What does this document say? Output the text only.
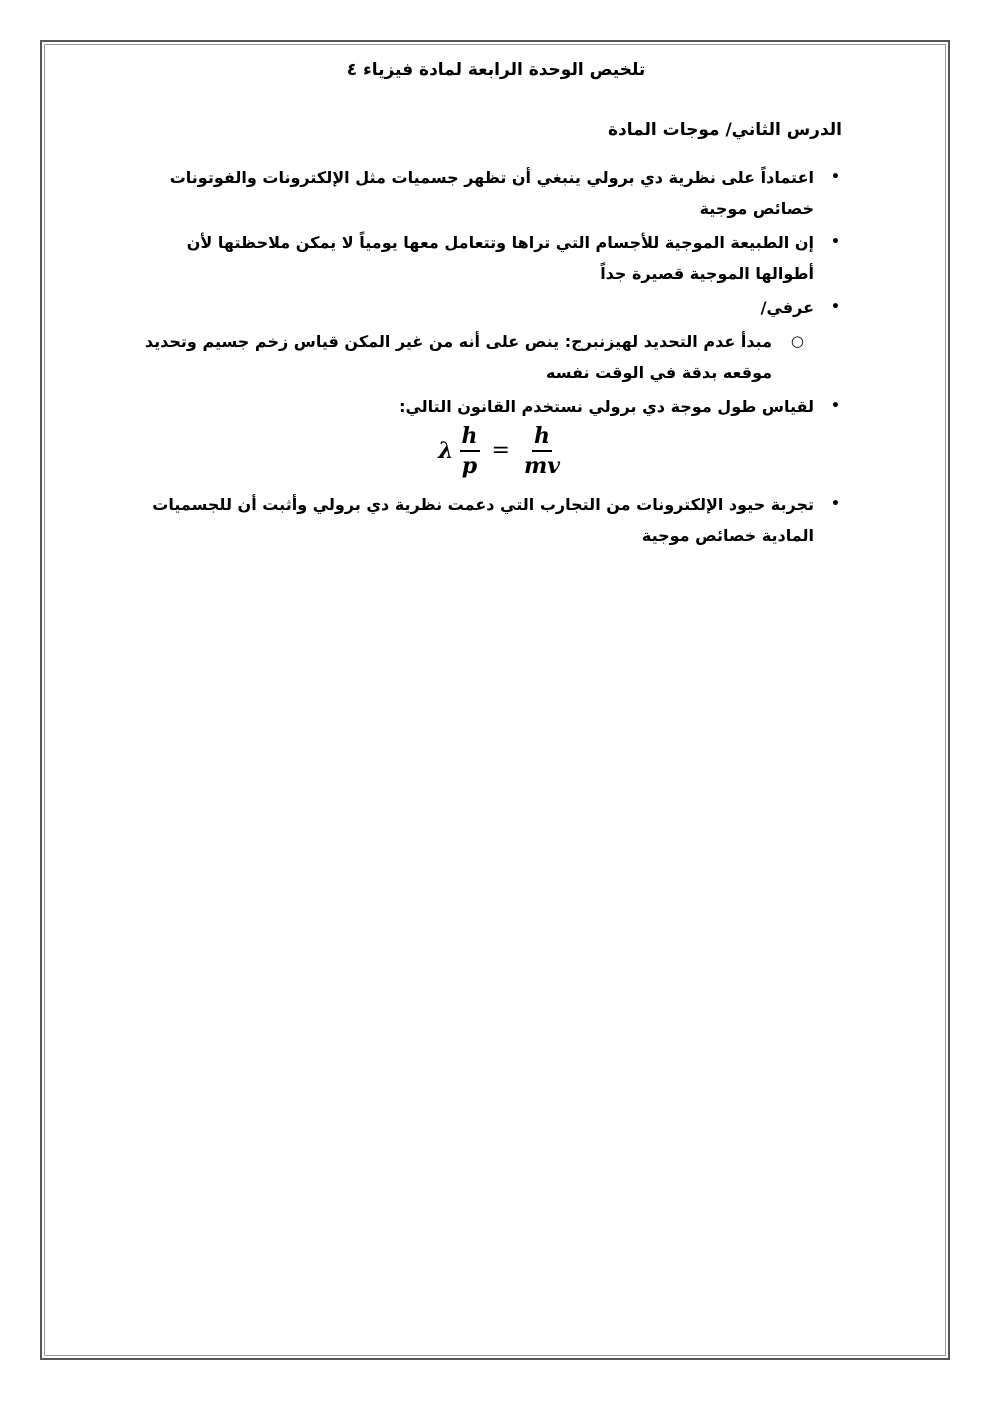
تلخيص الوحدة الرابعة لمادة فيزياء ٤
الدرس الثاني/ موجات المادة
•
اعتماداً على نظرية دي برولي ينبغي أن تظهر جسميات مثل الإلكترونات والفوتونات خصائص موجية
•
إن الطبيعة الموجية للأجسام التي تراها وتتعامل معها يومياً لا يمكن ملاحظتها لأن أطوالها الموجية قصيرة جداً
•
عرفي/
○
مبدأ عدم التحديد لهيزنبرج: ينص على أنه من غير المكن قياس زخم جسيم وتحديد موقعه بدقة في الوقت نفسه
•
لقياس طول موجة دي برولي نستخدم القانون التالي:
λ $\frac{h}{p} = \frac{h}{mv}$
•
تجربة حيود الإلكترونات من التجارب التي دعمت نظرية دي برولي وأثبت أن للجسميات المادية خصائص موجية
